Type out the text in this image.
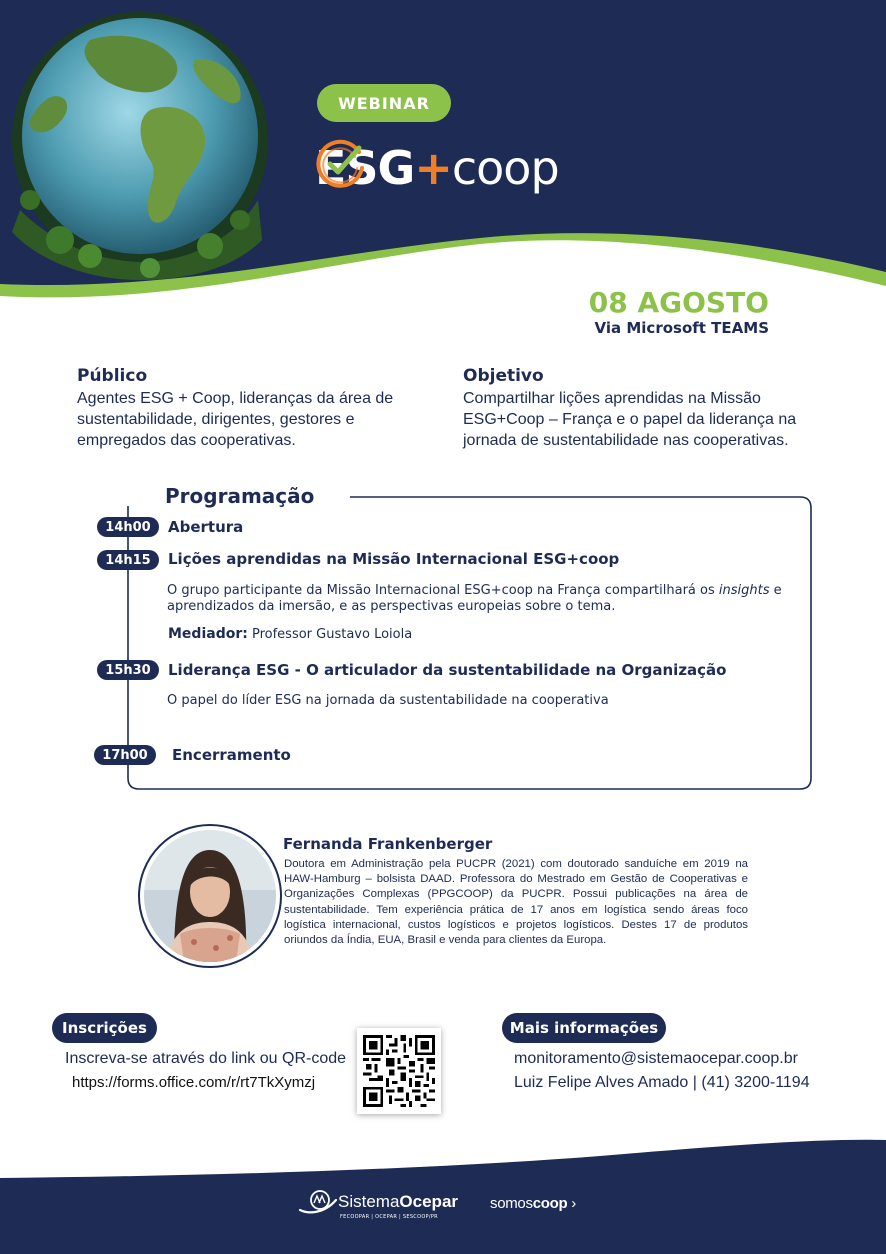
WEBINAR
ESG+coop
08 AGOSTO
Via Microsoft TEAMS
Público

Agentes ESG + Coop, lideranças da área de sustentabilidade, dirigentes, gestores e empregados das cooperativas.

Objetivo

Compartilhar lições aprendidas na Missão ESG+Coop – França e o papel da liderança na jornada de sustentabilidade nas cooperativas.

Programação
14h00	Abertura
14h15	Lições aprendidas na Missão Internacional ESG+coop
O grupo participante da Missão Internacional ESG+coop na França compartilhará os insights e aprendizados da imersão, e as perspectivas europeias sobre o tema.
Mediador: Professor Gustavo Loiola
15h30	Liderança ESG - O articulador da sustentabilidade na Organização
O papel do líder ESG na jornada da sustentabilidade na cooperativa
17h00	Encerramento
Fernanda Frankenberger
Doutora em Administração pela PUCPR (2021) com doutorado sanduíche em 2019 na HAW-Hamburg – bolsista DAAD. Professora do Mestrado em Gestão de Cooperativas e Organizações Complexas (PPGCOOP) da PUCPR. Possui publicações na área de sustentabilidade. Tem experiência prática de 17 anos em logística sendo áreas foco logística internacional, custos logísticos e projetos logísticos. Destes 17 de produtos oriundos da Índia, EUA, Brasil e venda para clientes da Europa.
Inscrições
Inscreva-se através do link ou QR-code
https://forms.office.com/r/rt7TkXymzj
Mais informações
monitoramento@sistemaocepar.coop.br
Luiz Felipe Alves Amado | (41) 3200-1194
SistemaOcepar
FECOOPAR | OCEPAR | SESCOOP/PR
somoscoop ›
